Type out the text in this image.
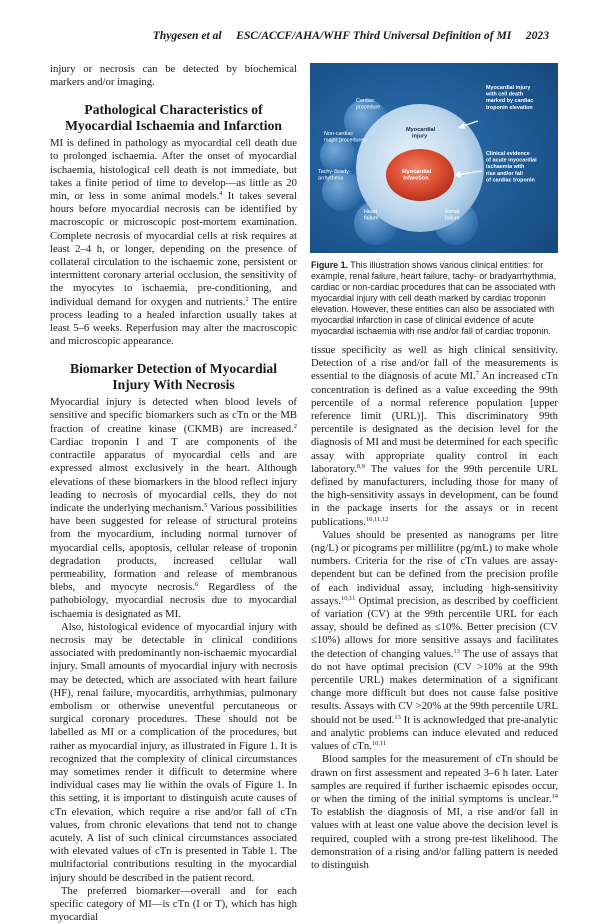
Thygesen et al     ESC/ACCF/AHA/WHF Third Universal Definition of MI     2023

injury or necrosis can be detected by biochemical markers and/or imaging.

Pathological Characteristics of Myocardial Ischaemia and Infarction

MI is defined in pathology as myocardial cell death due to prolonged ischaemia. After the onset of myocardial ischaemia, histological cell death is not immediate, but takes a finite period of time to develop—as little as 20 min, or less in some animal models.$^4$ It takes several hours before myocardial necrosis can be identified by macroscopic or microscopic post-mortem examination. Complete necrosis of myocardial cells at risk requires at least 2–4 h, or longer, depending on the presence of collateral circulation to the ischaemic zone, persistent or intermittent coronary arterial occlusion, the sensitivity of the myocytes to ischaemia, pre-conditioning, and individual demand for oxygen and nutrients.$^2$ The entire process leading to a healed infarction usually takes at least 5–6 weeks. Reperfusion may alter the macroscopic and microscopic appearance.

Biomarker Detection of Myocardial Injury With Necrosis

Myocardial injury is detected when blood levels of sensitive and specific biomarkers such as cTn or the MB fraction of creatine kinase (CKMB) are increased.$^2$ Cardiac troponin I and T are components of the contractile apparatus of myocardial cells and are expressed almost exclusively in the heart. Although elevations of these biomarkers in the blood reflect injury leading to necrosis of myocardial cells, they do not indicate the underlying mechanism.$^5$ Various possibilities have been suggested for release of structural proteins from the myocardium, including normal turnover of myocardial cells, apoptosis, cellular release of troponin degradation products, increased cellular wall permeability, formation and release of membranous blebs, and myocyte necrosis.$^6$ Regardless of the pathobiology, myocardial necrosis due to myocardial ischaemia is designated as MI.

Also, histological evidence of myocardial injury with necrosis may be detectable in clinical conditions associated with predominantly non-ischaemic myocardial injury. Small amounts of myocardial injury with necrosis may be detected, which are associated with heart failure (HF), renal failure, myocarditis, arrhythmias, pulmonary embolism or otherwise uneventful percutaneous or surgical coronary procedures. These should not be labelled as MI or a complication of the procedures, but rather as myocardial injury, as illustrated in Figure 1. It is recognized that the complexity of clinical circumstances may sometimes render it difficult to determine where individual cases may lie within the ovals of Figure 1. In this setting, it is important to distinguish acute causes of cTn elevation, which require a rise and/or fall of cTn values, from chronic elevations that tend not to change acutely. A list of such clinical circumstances associated with elevated values of cTn is presented in Table 1. The multifactorial contributions resulting in the myocardial injury should be described in the patient record.

The preferred biomarker—overall and for each specific category of MI—is cTn (I or T), which has high myocardial

Cardiac procedure
Non-cardiac major procedures
Tachy-/brady-arrhythmia
Heart failure
Renal failure
Myocardial injury
Myocardial infarction
Myocardial injury with cell death marked by cardiac troponin elevation
Clinical evidence of acute myocardial ischaemia with rise and/or fall of cardiac troponin
Figure 1. This illustration shows various clinical entities: for example, renal failure, heart failure, tachy- or bradyarrhythmia, cardiac or non-cardiac procedures that can be associated with myocardial injury with cell death marked by cardiac troponin elevation. However, these entities can also be associated with myocardial infarction in case of clinical evidence of acute myocardial ischaemia with rise and/or fall of cardiac troponin.

tissue specificity as well as high clinical sensitivity. Detection of a rise and/or fall of the measurements is essential to the diagnosis of acute MI.$^7$ An increased cTn concentration is defined as a value exceeding the 99th percentile of a normal reference population [upper reference limit (URL)]. This discriminatory 99th percentile is designated as the decision level for the diagnosis of MI and must be determined for each specific assay with appropriate quality control in each laboratory.$^{8,9}$ The values for the 99th percentile URL defined by manufacturers, including those for many of the high-sensitivity assays in development, can be found in the package inserts for the assays or in recent publications.$^{10,11,12}$

Values should be presented as nanograms per litre (ng/L) or picograms per millilitre (pg/mL) to make whole numbers. Criteria for the rise of cTn values are assay-dependent but can be defined from the precision profile of each individual assay, including high-sensitivity assays.$^{10,11}$ Optimal precision, as described by coefficient of variation (CV) at the 99th percentile URL for each assay, should be defined as ≤10%. Better precision (CV ≤10%) allows for more sensitive assays and facilitates the detection of changing values.$^{13}$ The use of assays that do not have optimal precision (CV >10% at the 99th percentile URL) makes determination of a significant change more difficult but does not cause false positive results. Assays with CV >20% at the 99th percentile URL should not be used.$^{13}$ It is acknowledged that pre-analytic and analytic problems can induce elevated and reduced values of cTn.$^{10,11}$

Blood samples for the measurement of cTn should be drawn on first assessment and repeated 3–6 h later. Later samples are required if further ischaemic episodes occur, or when the timing of the initial symptoms is unclear.$^{14}$ To establish the diagnosis of MI, a rise and/or fall in values with at least one value above the decision level is required, coupled with a strong pre-test likelihood. The demonstration of a rising and/or falling pattern is needed to distinguish
